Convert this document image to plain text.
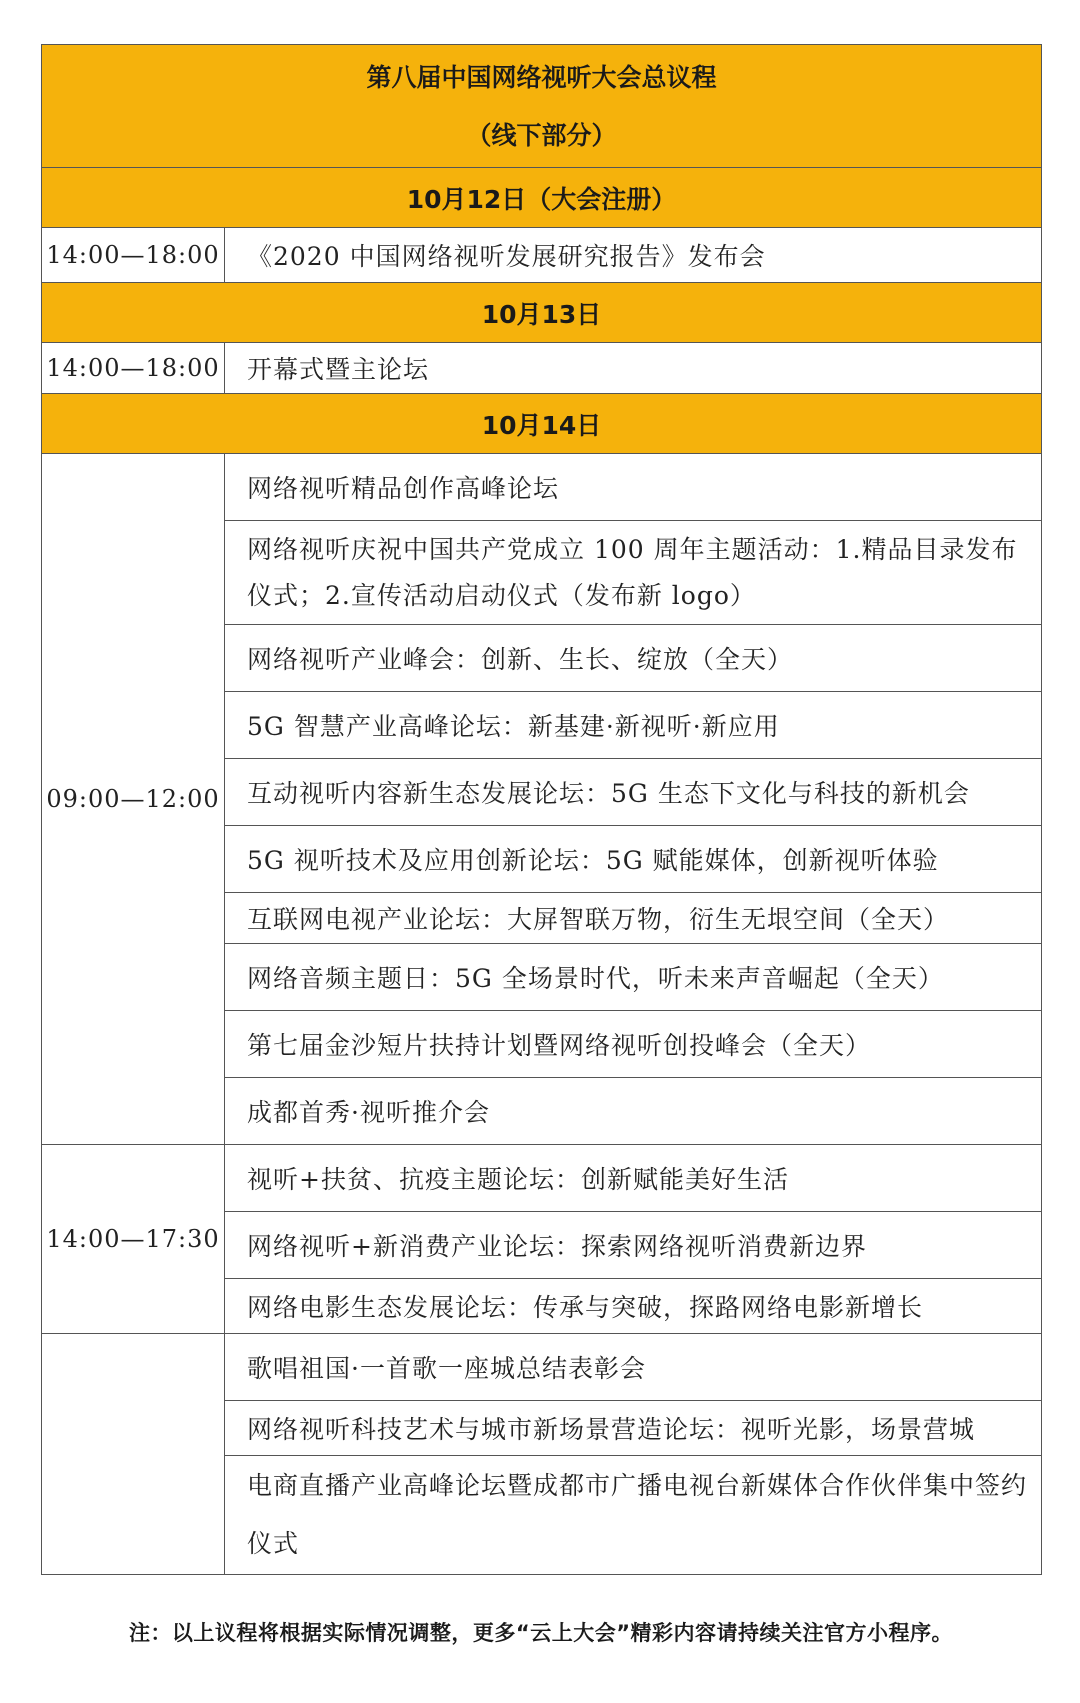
第八届中国网络视听大会总议程
（线下部分）	

10月12日（大会注册）	
14:00—18:00	《2020 中国网络视听发展研究报告》发布会
10月13日	
14:00—18:00	开幕式暨主论坛
10月14日	
09:00—12:00	网络视听精品创作高峰论坛
	网络视听庆祝中国共产党成立 100 周年主题活动：1.精品目录发布仪式；2.宣传活动启动仪式（发布新 logo）
	网络视听产业峰会：创新、生长、绽放（全天）
	5G 智慧产业高峰论坛：新基建·新视听·新应用
	互动视听内容新生态发展论坛：5G 生态下文化与科技的新机会
	5G 视听技术及应用创新论坛：5G 赋能媒体，创新视听体验
	互联网电视产业论坛：大屏智联万物，衍生无垠空间（全天）
	网络音频主题日：5G 全场景时代，听未来声音崛起（全天）
	第七届金沙短片扶持计划暨网络视听创投峰会（全天）
	成都首秀·视听推介会
14:00—17:30	视听+扶贫、抗疫主题论坛：创新赋能美好生活
	网络视听+新消费产业论坛：探索网络视听消费新边界
	网络电影生态发展论坛：传承与突破，探路网络电影新增长
	歌唱祖国·一首歌一座城总结表彰会
	网络视听科技艺术与城市新场景营造论坛：视听光影，场景营城
	电商直播产业高峰论坛暨成都市广播电视台新媒体合作伙伴集中签约仪式
注：以上议程将根据实际情况调整，更多“云上大会”精彩内容请持续关注官方小程序。
